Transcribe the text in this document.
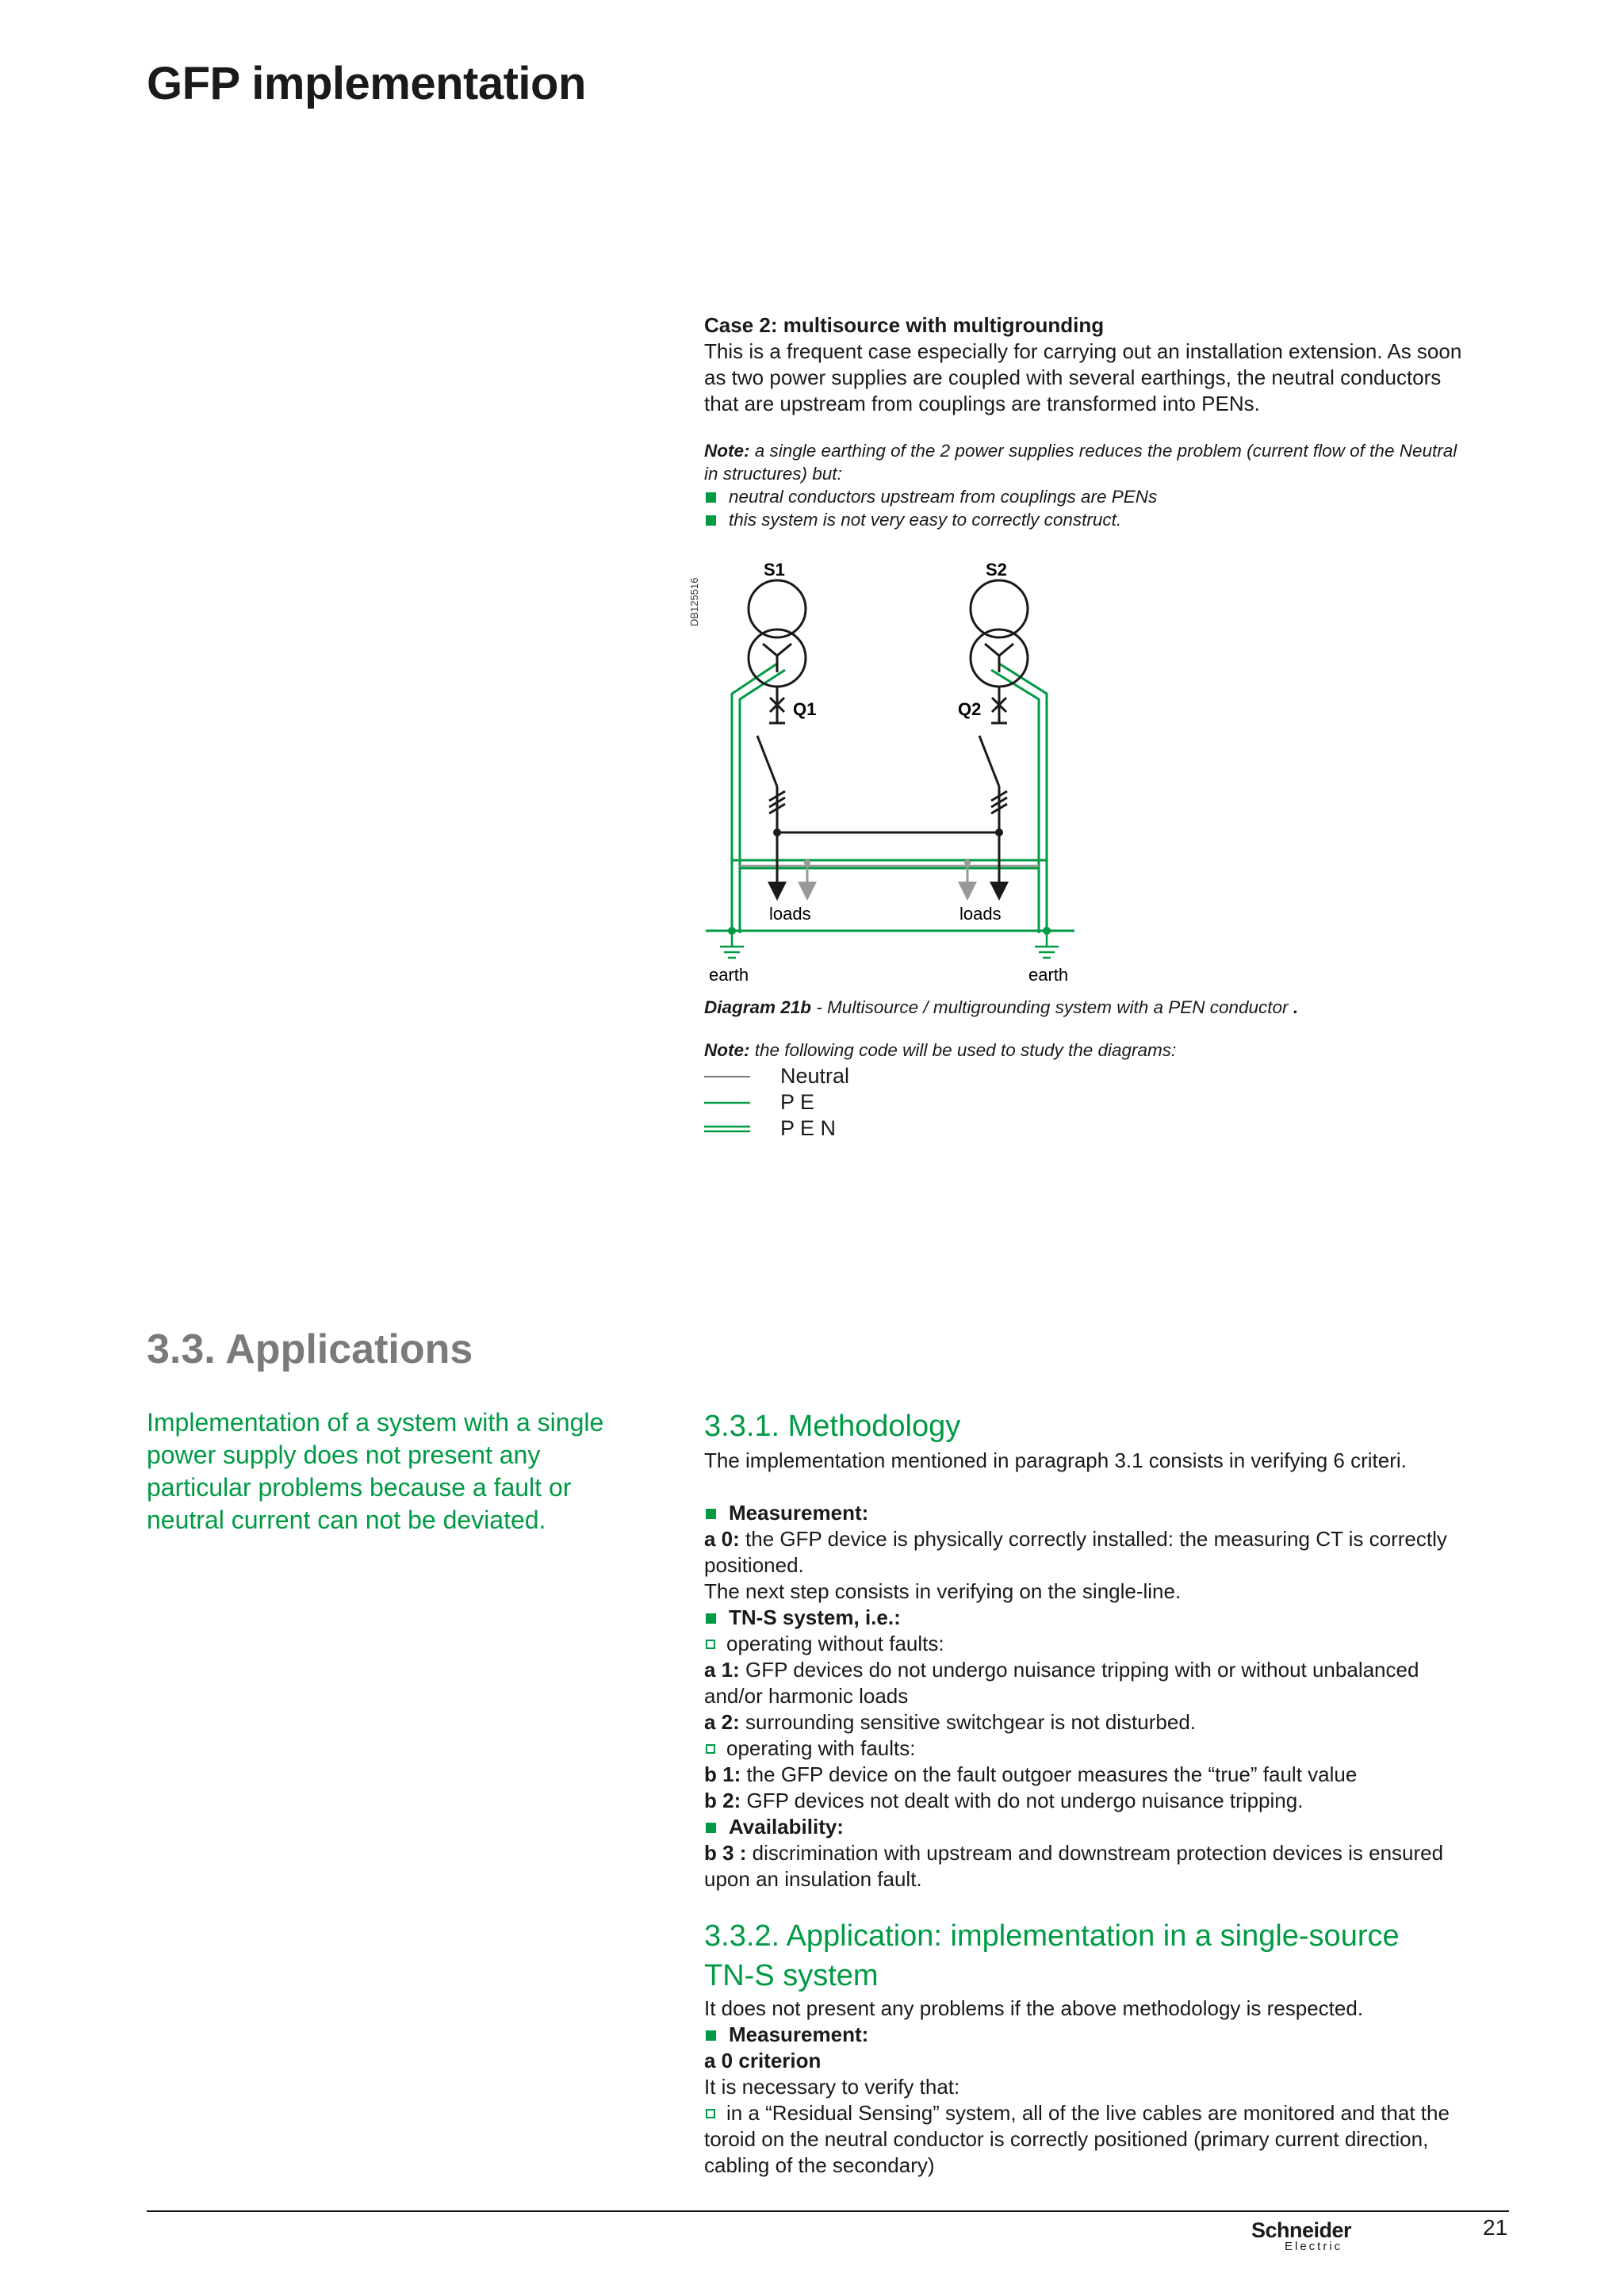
GFP implementation

Case 2: multisource with multigrounding

This is a frequent case especially for carrying out an installation extension. As soon

as two power supplies are coupled with several earthings, the neutral conductors

that are upstream from couplings are transformed into PENs.

Note: a single earthing of the 2 power supplies reduces the problem (current flow of the Neutral

in structures) but:

neutral conductors upstream from couplings are PENs

this system is not very easy to correctly construct.

DB125516
S1	S2
Q1	Q2
loads	loads
earth	earth

Diagram 21b - Multisource / multigrounding system with a PEN conductor .

Note: the following code will be used to study the diagrams:

Neutral

P E

P E N

3.3. Applications

Implementation of a system with a single

power supply does not present any

particular problems because a fault or

neutral current can not be deviated.

3.3.1. Methodology

The implementation mentioned in paragraph 3.1 consists in verifying 6 criteri.

Measurement:

a 0: the GFP device is physically correctly installed: the measuring CT is correctly

positioned.

The next step consists in verifying on the single-line.

TN-S system, i.e.:

operating without faults:

a 1: GFP devices do not undergo nuisance tripping with or without unbalanced

and/or harmonic loads

a 2: surrounding sensitive switchgear is not disturbed.

operating with faults:

b 1: the GFP device on the fault outgoer measures the “true” fault value

b 2: GFP devices not dealt with do not undergo nuisance tripping.

Availability:

b 3 : discrimination with upstream and downstream protection devices is ensured

upon an insulation fault.

3.3.2. Application: implementation in a single-source
TN-S system

It does not present any problems if the above methodology is respected.

Measurement:

a 0 criterion

It is necessary to verify that:

in a “Residual Sensing” system, all of the live cables are monitored and that the

toroid on the neutral conductor is correctly positioned (primary current direction,

cabling of the secondary)

Schneider
Electric
21
